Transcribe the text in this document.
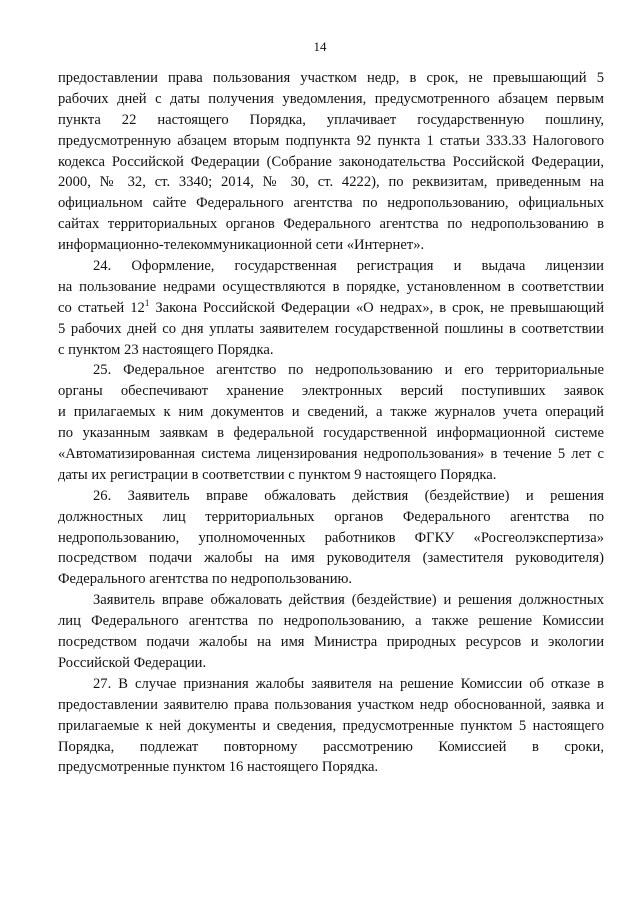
14
предоставлении права пользования участком недр, в срок, не превышающий 5
рабочих дней с даты получения уведомления, предусмотренного абзацем первым
пункта 22 настоящего Порядка, уплачивает государственную пошлину,
предусмотренную абзацем вторым подпункта 92 пункта 1 статьи 333.33 Налогового
кодекса Российской Федерации (Собрание законодательства Российской Федерации,
2000, № 32, ст. 3340; 2014, № 30, ст. 4222), по реквизитам, приведенным на
официальном сайте Федерального агентства по недропользованию, официальных
сайтах территориальных органов Федерального агентства по недропользованию в
информационно-телекоммуникационной сети «Интернет».
24. Оформление, государственная регистрация и выдача лицензии
на пользование недрами осуществляются в порядке, установленном в соответствии
со статьей $12^1$ Закона Российской Федерации «О недрах», в срок, не превышающий
5 рабочих дней со дня уплаты заявителем государственной пошлины в соответствии
с пунктом 23 настоящего Порядка.
25. Федеральное агентство по недропользованию и его территориальные
органы обеспечивают хранение электронных версий поступивших заявок
и прилагаемых к ним документов и сведений, а также журналов учета операций
по указанным заявкам в федеральной государственной информационной системе
«Автоматизированная система лицензирования недропользования» в течение 5 лет с
даты их регистрации в соответствии с пунктом 9 настоящего Порядка.
26. Заявитель вправе обжаловать действия (бездействие) и решения
должностных лиц территориальных органов Федерального агентства по
недропользованию, уполномоченных работников ФГКУ «Росгеолэкспертиза»
посредством подачи жалобы на имя руководителя (заместителя руководителя)
Федерального агентства по недропользованию.
Заявитель вправе обжаловать действия (бездействие) и решения должностных
лиц Федерального агентства по недропользованию, а также решение Комиссии
посредством подачи жалобы на имя Министра природных ресурсов и экологии
Российской Федерации.
27. В случае признания жалобы заявителя на решение Комиссии об отказе в
предоставлении заявителю права пользования участком недр обоснованной, заявка и
прилагаемые к ней документы и сведения, предусмотренные пунктом 5 настоящего
Порядка, подлежат повторному рассмотрению Комиссией в сроки,
предусмотренные пунктом 16 настоящего Порядка.
